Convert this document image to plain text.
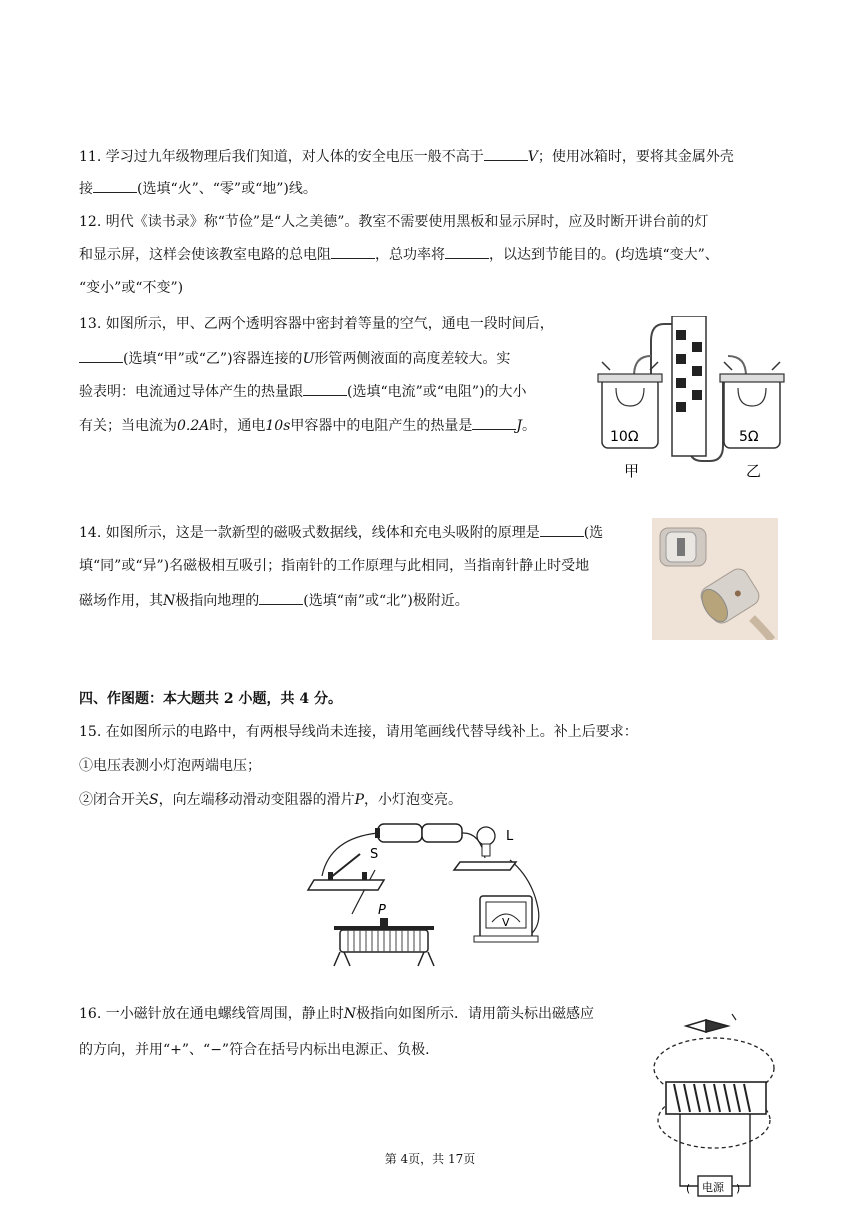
11. 学习过九年级物理后我们知道，对人体的安全电压一般不高于	V；使用冰箱时，要将其金属外壳
接	(选填“火”、“零”或“地”)线。
12. 明代《读书录》称“节俭”是“人之美德”。教室不需要使用黑板和显示屏时，应及时断开讲台前的灯
和显示屏，这样会使该教室电路的总电阻	，总功率将	，以达到节能目的。(均选填“变大”、
“变小”或“不变”)
13. 如图所示，甲、乙两个透明容器中密封着等量的空气，通电一段时间后，
(选填“甲”或“乙”)容器连接的U形管两侧液面的高度差较大。实
验表明：电流通过导体产生的热量跟	(选填“电流”或“电阻”)的大小
有关；当电流为0.2A时，通电10s甲容器中的电阻产生的热量是	J。
10Ω	5Ω
甲	乙
14. 如图所示，这是一款新型的磁吸式数据线，线体和充电头吸附的原理是	(选
填“同”或“异”)名磁极相互吸引；指南针的工作原理与此相同，当指南针静止时受地
磁场作用，其N极指向地理的	(选填“南”或“北”)极附近。
四、作图题：本大题共 2 小题，共 4 分。
15. 在如图所示的电路中，有两根导线尚未连接，请用笔画线代替导线补上。补上后要求：
①电压表测小灯泡两端电压；
②闭合开关S，向左端移动滑动变阻器的滑片P，小灯泡变亮。
S
L
V
P
16. 一小磁针放在通电螺线管周围，静止时N极指向如图所示．请用箭头标出磁感应
的方向，并用“+”、“−”符合在括号内标出电源正、负极.
电源
(	)
第 4页，共 17页
